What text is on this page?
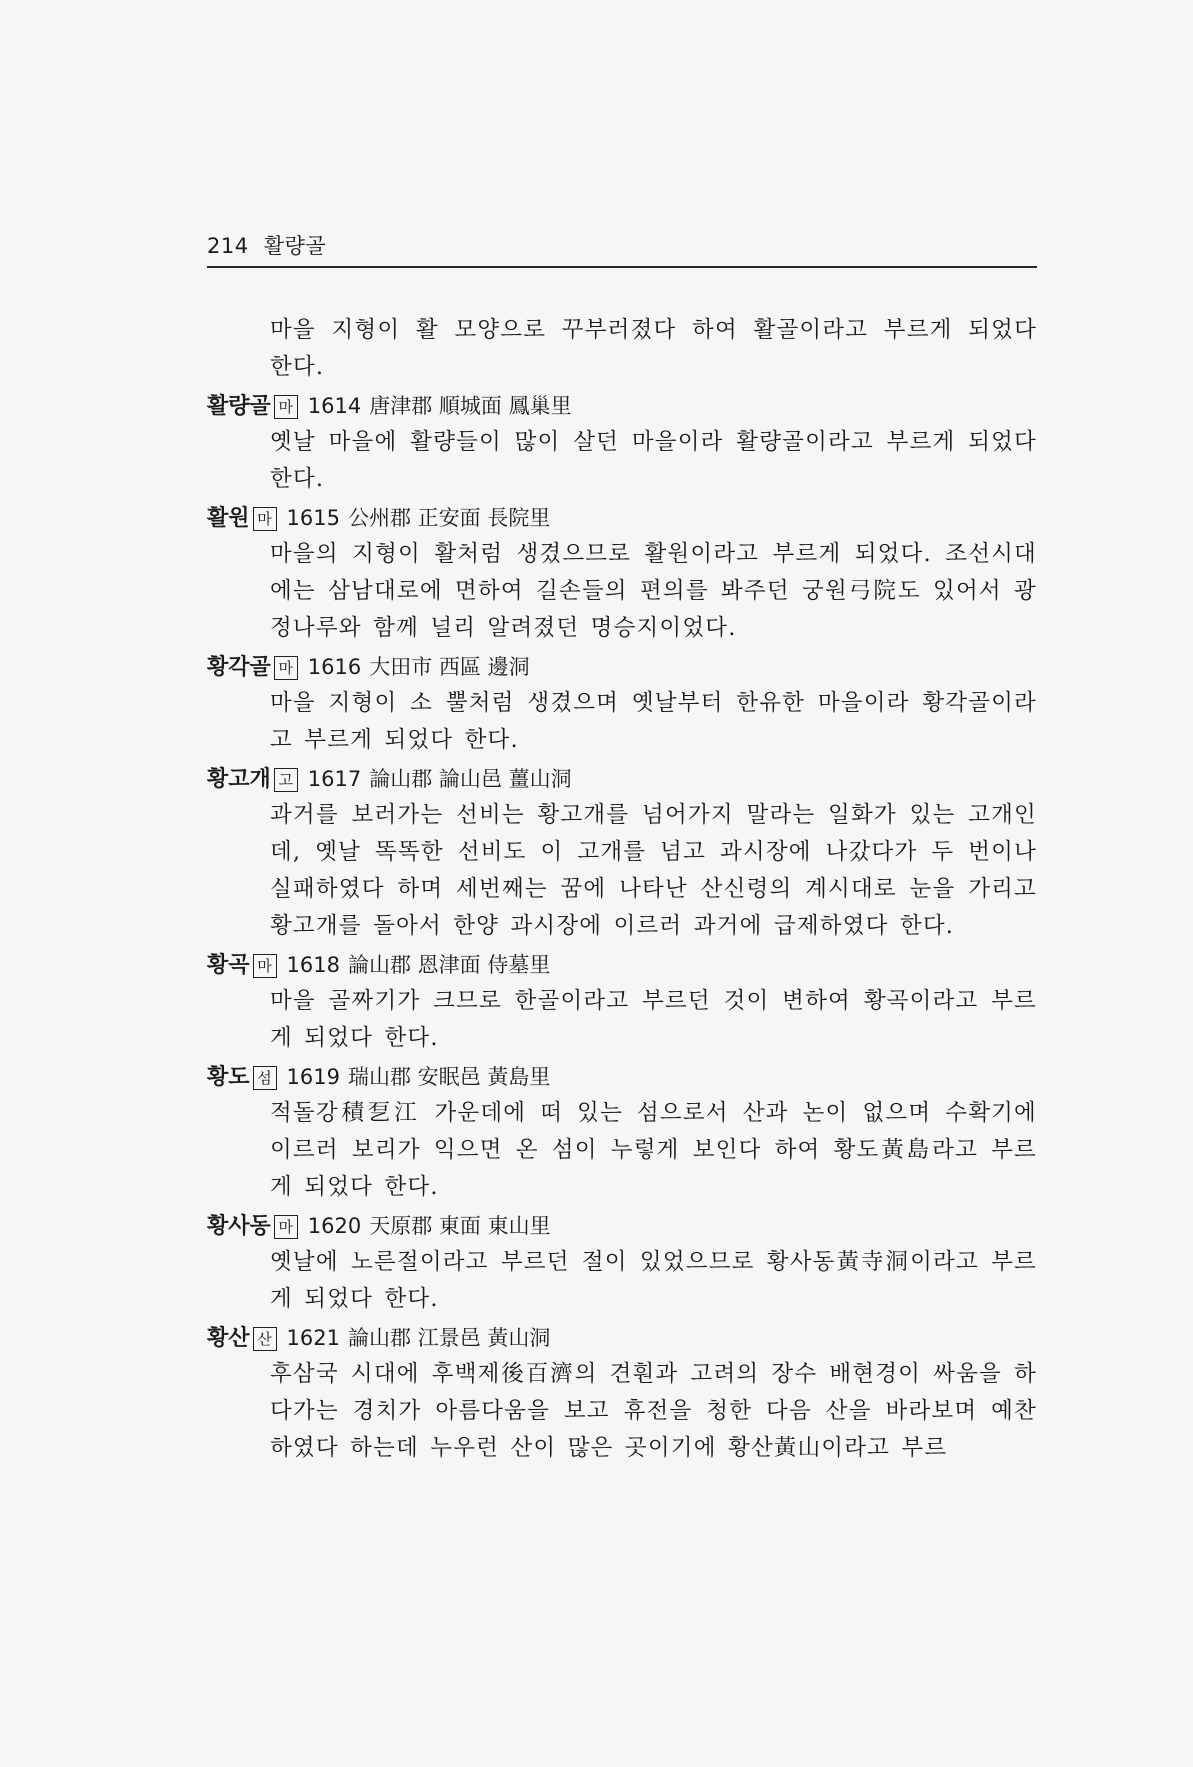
214 활량골
마을 지형이 활 모양으로 꾸부러졌다 하여 활골이라고 부르게 되었다 한다.
활량골 마 1614 唐津郡 順城面 鳳巢里
옛날 마을에 활량들이 많이 살던 마을이라 활량골이라고 부르게 되었다 한다.
활원 마 1615 公州郡 正安面 長院里
마을의 지형이 활처럼 생겼으므로 활원이라고 부르게 되었다. 조선시대에는 삼남대로에 면하여 길손들의 편의를 봐주던 궁원弓院도 있어서 광정나루와 함께 널리 알려졌던 명승지이었다.
황각골 마 1616 大田市 西區 邊洞
마을 지형이 소 뿔처럼 생겼으며 옛날부터 한유한 마을이라 황각골이라고 부르게 되었다 한다.
황고개 고 1617 論山郡 論山邑 薑山洞
과거를 보러가는 선비는 황고개를 넘어가지 말라는 일화가 있는 고개인데, 옛날 똑똑한 선비도 이 고개를 넘고 과시장에 나갔다가 두 번이나 실패하였다 하며 세번째는 꿈에 나타난 산신령의 계시대로 눈을 가리고 황고개를 돌아서 한양 과시장에 이르러 과거에 급제하였다 한다.
황곡 마 1618 論山郡 恩津面 侍墓里
마을 골짜기가 크므로 한골이라고 부르던 것이 변하여 황곡이라고 부르게 되었다 한다.
황도 섬 1619 瑞山郡 安眠邑 黃島里
적돌강積乭江 가운데에 떠 있는 섬으로서 산과 논이 없으며 수확기에 이르러 보리가 익으면 온 섬이 누렇게 보인다 하여 황도黃島라고 부르게 되었다 한다.
황사동 마 1620 天原郡 東面 東山里
옛날에 노른절이라고 부르던 절이 있었으므로 황사동黃寺洞이라고 부르게 되었다 한다.
황산 산 1621 論山郡 江景邑 黃山洞
후삼국 시대에 후백제後百濟의 견훤과 고려의 장수 배현경이 싸움을 하다가는 경치가 아름다움을 보고 휴전을 청한 다음 산을 바라보며 예찬하였다 하는데 누우런 산이 많은 곳이기에 황산黃山이라고 부르
